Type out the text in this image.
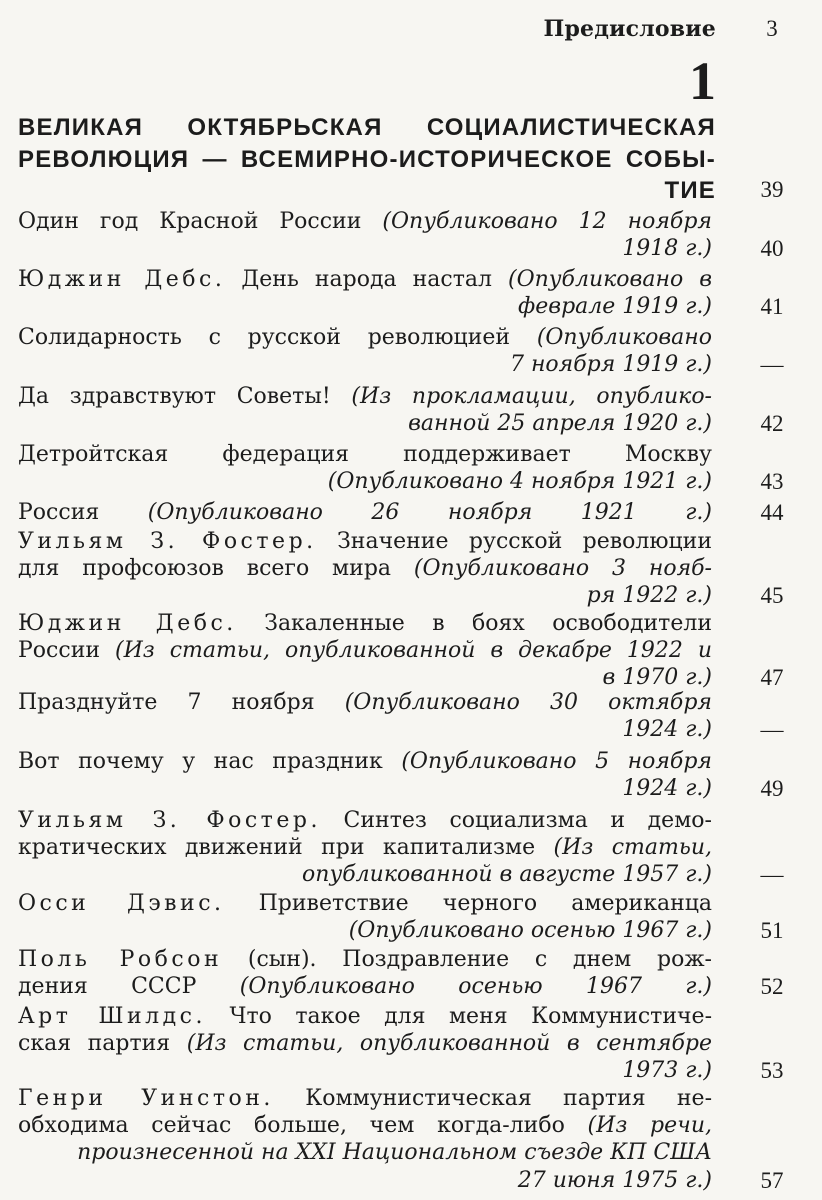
Предисловие	3
1
ВЕЛИКАЯ ОКТЯБРЬСКАЯ СОЦИАЛИСТИЧЕСКАЯ
РЕВОЛЮЦИЯ — ВСЕМИРНО-ИСТОРИЧЕСКОЕ СОБЫ-
ТИЕ	39
Один год Красной России (Опубликовано 12 ноября
1918 г.)	40
Юджин Дебс. День народа настал (Опубликовано в
феврале 1919 г.)	41
Солидарность с русской революцией (Опубликовано
7 ноября 1919 г.)	—
Да здравствуют Советы! (Из прокламации, опублико-
ванной 25 апреля 1920 г.)	42
Детройтская федерация поддерживает Москву
(Опубликовано 4 ноября 1921 г.)	43
Россия (Опубликовано 26 ноября 1921 г.)	44
Уильям З. Фостер. Значение русской революции
для профсоюзов всего мира (Опубликовано 3 нояб-
ря 1922 г.)	45
Юджин Дебс. Закаленные в боях освободители
России (Из статьи, опубликованной в декабре 1922 и
в 1970 г.)	47
Празднуйте 7 ноября (Опубликовано 30 октября
1924 г.)	—
Вот почему у нас праздник (Опубликовано 5 ноября
1924 г.)	49
Уильям З. Фостер. Синтез социализма и демо-
кратических движений при капитализме (Из статьи,
опубликованной в августе 1957 г.)	—
Осси Дэвис. Приветствие черного американца
(Опубликовано осенью 1967 г.)	51
Поль Робсон (сын). Поздравление с днем рож-
дения СССР (Опубликовано осенью 1967 г.)	52
Арт Шилдс. Что такое для меня Коммунистиче-
ская партия (Из статьи, опубликованной в сентябре
1973 г.)	53
Генри Уинстон. Коммунистическая партия не-
обходима сейчас больше, чем когда-либо (Из речи,
произнесенной на XXI Национальном съезде КП США
27 июня 1975 г.)	57
